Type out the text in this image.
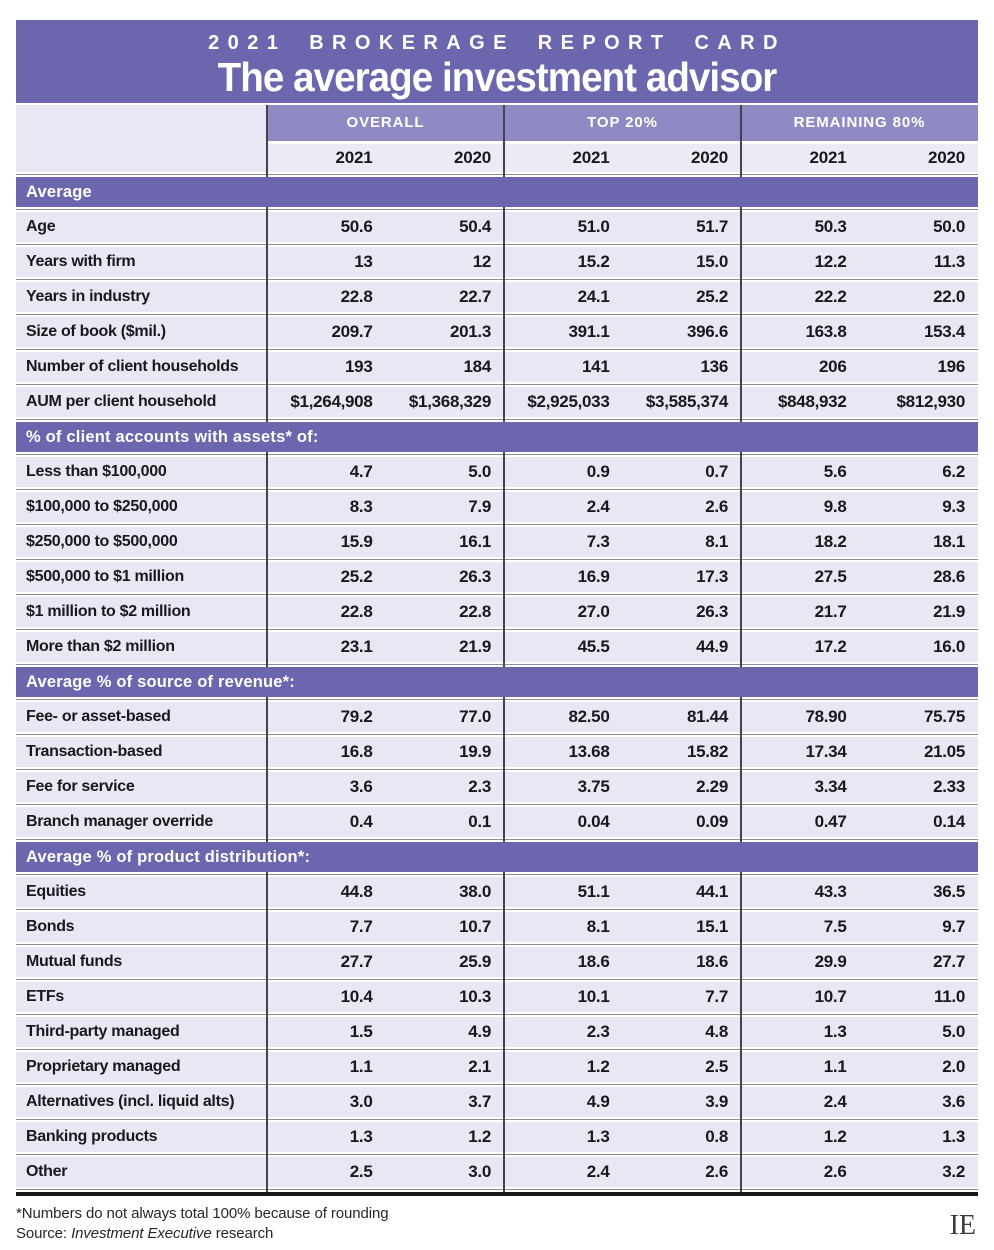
2021 BROKERAGE REPORT CARD
The average investment advisor
OVERALL	TOP 20%	REMAINING 80%
2021	2020	2021	2020	2021	2020
Average
Age	50.6	50.4	51.0	51.7	50.3	50.0
Years with firm	13	12	15.2	15.0	12.2	11.3
Years in industry	22.8	22.7	24.1	25.2	22.2	22.0
Size of book ($mil.)	209.7	201.3	391.1	396.6	163.8	153.4
Number of client households	193	184	141	136	206	196
AUM per client household	$1,264,908	$1,368,329	$2,925,033	$3,585,374	$848,932	$812,930
% of client accounts with assets* of:
Less than $100,000	4.7	5.0	0.9	0.7	5.6	6.2
$100,000 to $250,000	8.3	7.9	2.4	2.6	9.8	9.3
$250,000 to $500,000	15.9	16.1	7.3	8.1	18.2	18.1
$500,000 to $1 million	25.2	26.3	16.9	17.3	27.5	28.6
$1 million to $2 million	22.8	22.8	27.0	26.3	21.7	21.9
More than $2 million	23.1	21.9	45.5	44.9	17.2	16.0
Average % of source of revenue*:
Fee- or asset-based	79.2	77.0	82.50	81.44	78.90	75.75
Transaction-based	16.8	19.9	13.68	15.82	17.34	21.05
Fee for service	3.6	2.3	3.75	2.29	3.34	2.33
Branch manager override	0.4	0.1	0.04	0.09	0.47	0.14
Average % of product distribution*:
Equities	44.8	38.0	51.1	44.1	43.3	36.5
Bonds	7.7	10.7	8.1	15.1	7.5	9.7
Mutual funds	27.7	25.9	18.6	18.6	29.9	27.7
ETFs	10.4	10.3	10.1	7.7	10.7	11.0
Third-party managed	1.5	4.9	2.3	4.8	1.3	5.0
Proprietary managed	1.1	2.1	1.2	2.5	1.1	2.0
Alternatives (incl. liquid alts)	3.0	3.7	4.9	3.9	2.4	3.6
Banking products	1.3	1.2	1.3	0.8	1.2	1.3
Other	2.5	3.0	2.4	2.6	2.6	3.2
*Numbers do not always total 100% because of rounding
Source: Investment Executive research	IE
